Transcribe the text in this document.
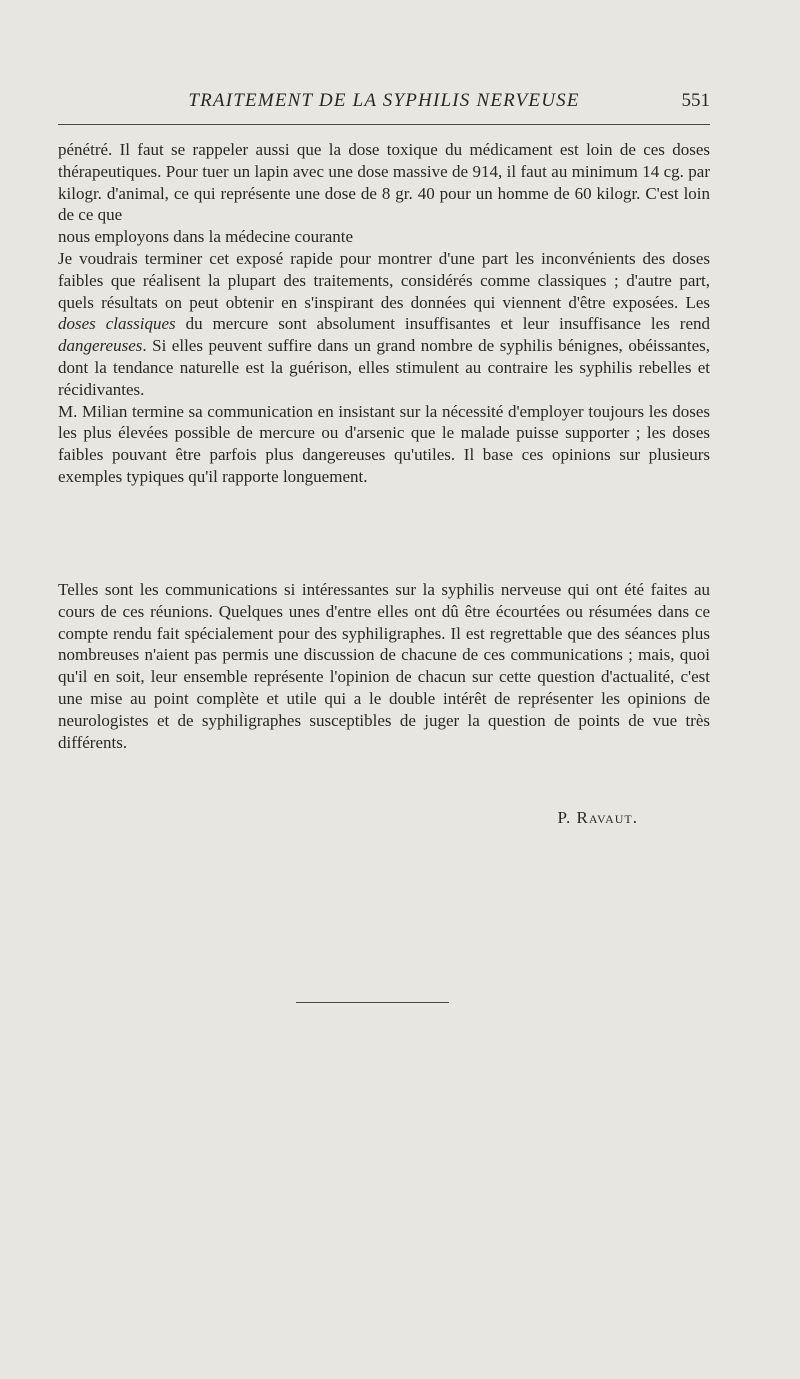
TRAITEMENT DE LA SYPHILIS NERVEUSE	551

pénétré. Il faut se rappeler aussi que la dose toxique du médicament est loin de ces doses thérapeutiques. Pour tuer un lapin avec une dose massive de 914, il faut au minimum 14 cg. par kilogr. d'animal, ce qui représente une dose de 8 gr. 40 pour un homme de 60 kilogr. C'est loin de ce que
nous employons dans la médecine courante

Je voudrais terminer cet exposé rapide pour montrer d'une part les inconvénients des doses faibles que réalisent la plupart des traitements, considérés comme classiques ; d'autre part, quels résultats on peut obtenir en s'inspirant des données qui viennent d'être exposées. Les doses classiques du mercure sont absolument insuffisantes et leur insuffisance les rend dangereuses. Si elles peuvent suffire dans un grand nombre de syphilis bénignes, obéissantes, dont la tendance naturelle est la guérison, elles stimulent au contraire les syphilis rebelles et récidivantes.

M. Milian termine sa communication en insistant sur la nécessité d'employer toujours les doses les plus élevées possible de mercure ou d'arsenic que le malade puisse supporter ; les doses faibles pouvant être parfois plus dangereuses qu'utiles. Il base ces opinions sur plusieurs exemples typiques qu'il rapporte longuement.

Telles sont les communications si intéressantes sur la syphilis nerveuse qui ont été faites au cours de ces réunions. Quelques unes d'entre elles ont dû être écourtées ou résumées dans ce compte rendu fait spécialement pour des syphiligraphes. Il est regrettable que des séances plus nombreuses n'aient pas permis une discussion de chacune de ces communications ; mais, quoi qu'il en soit, leur ensemble représente l'opinion de chacun sur cette question d'actualité, c'est une mise au point complète et utile qui a le double intérêt de représenter les opinions de neurologistes et de syphiligraphes susceptibles de juger la question de points de vue très différents.

P. Ravaut.
